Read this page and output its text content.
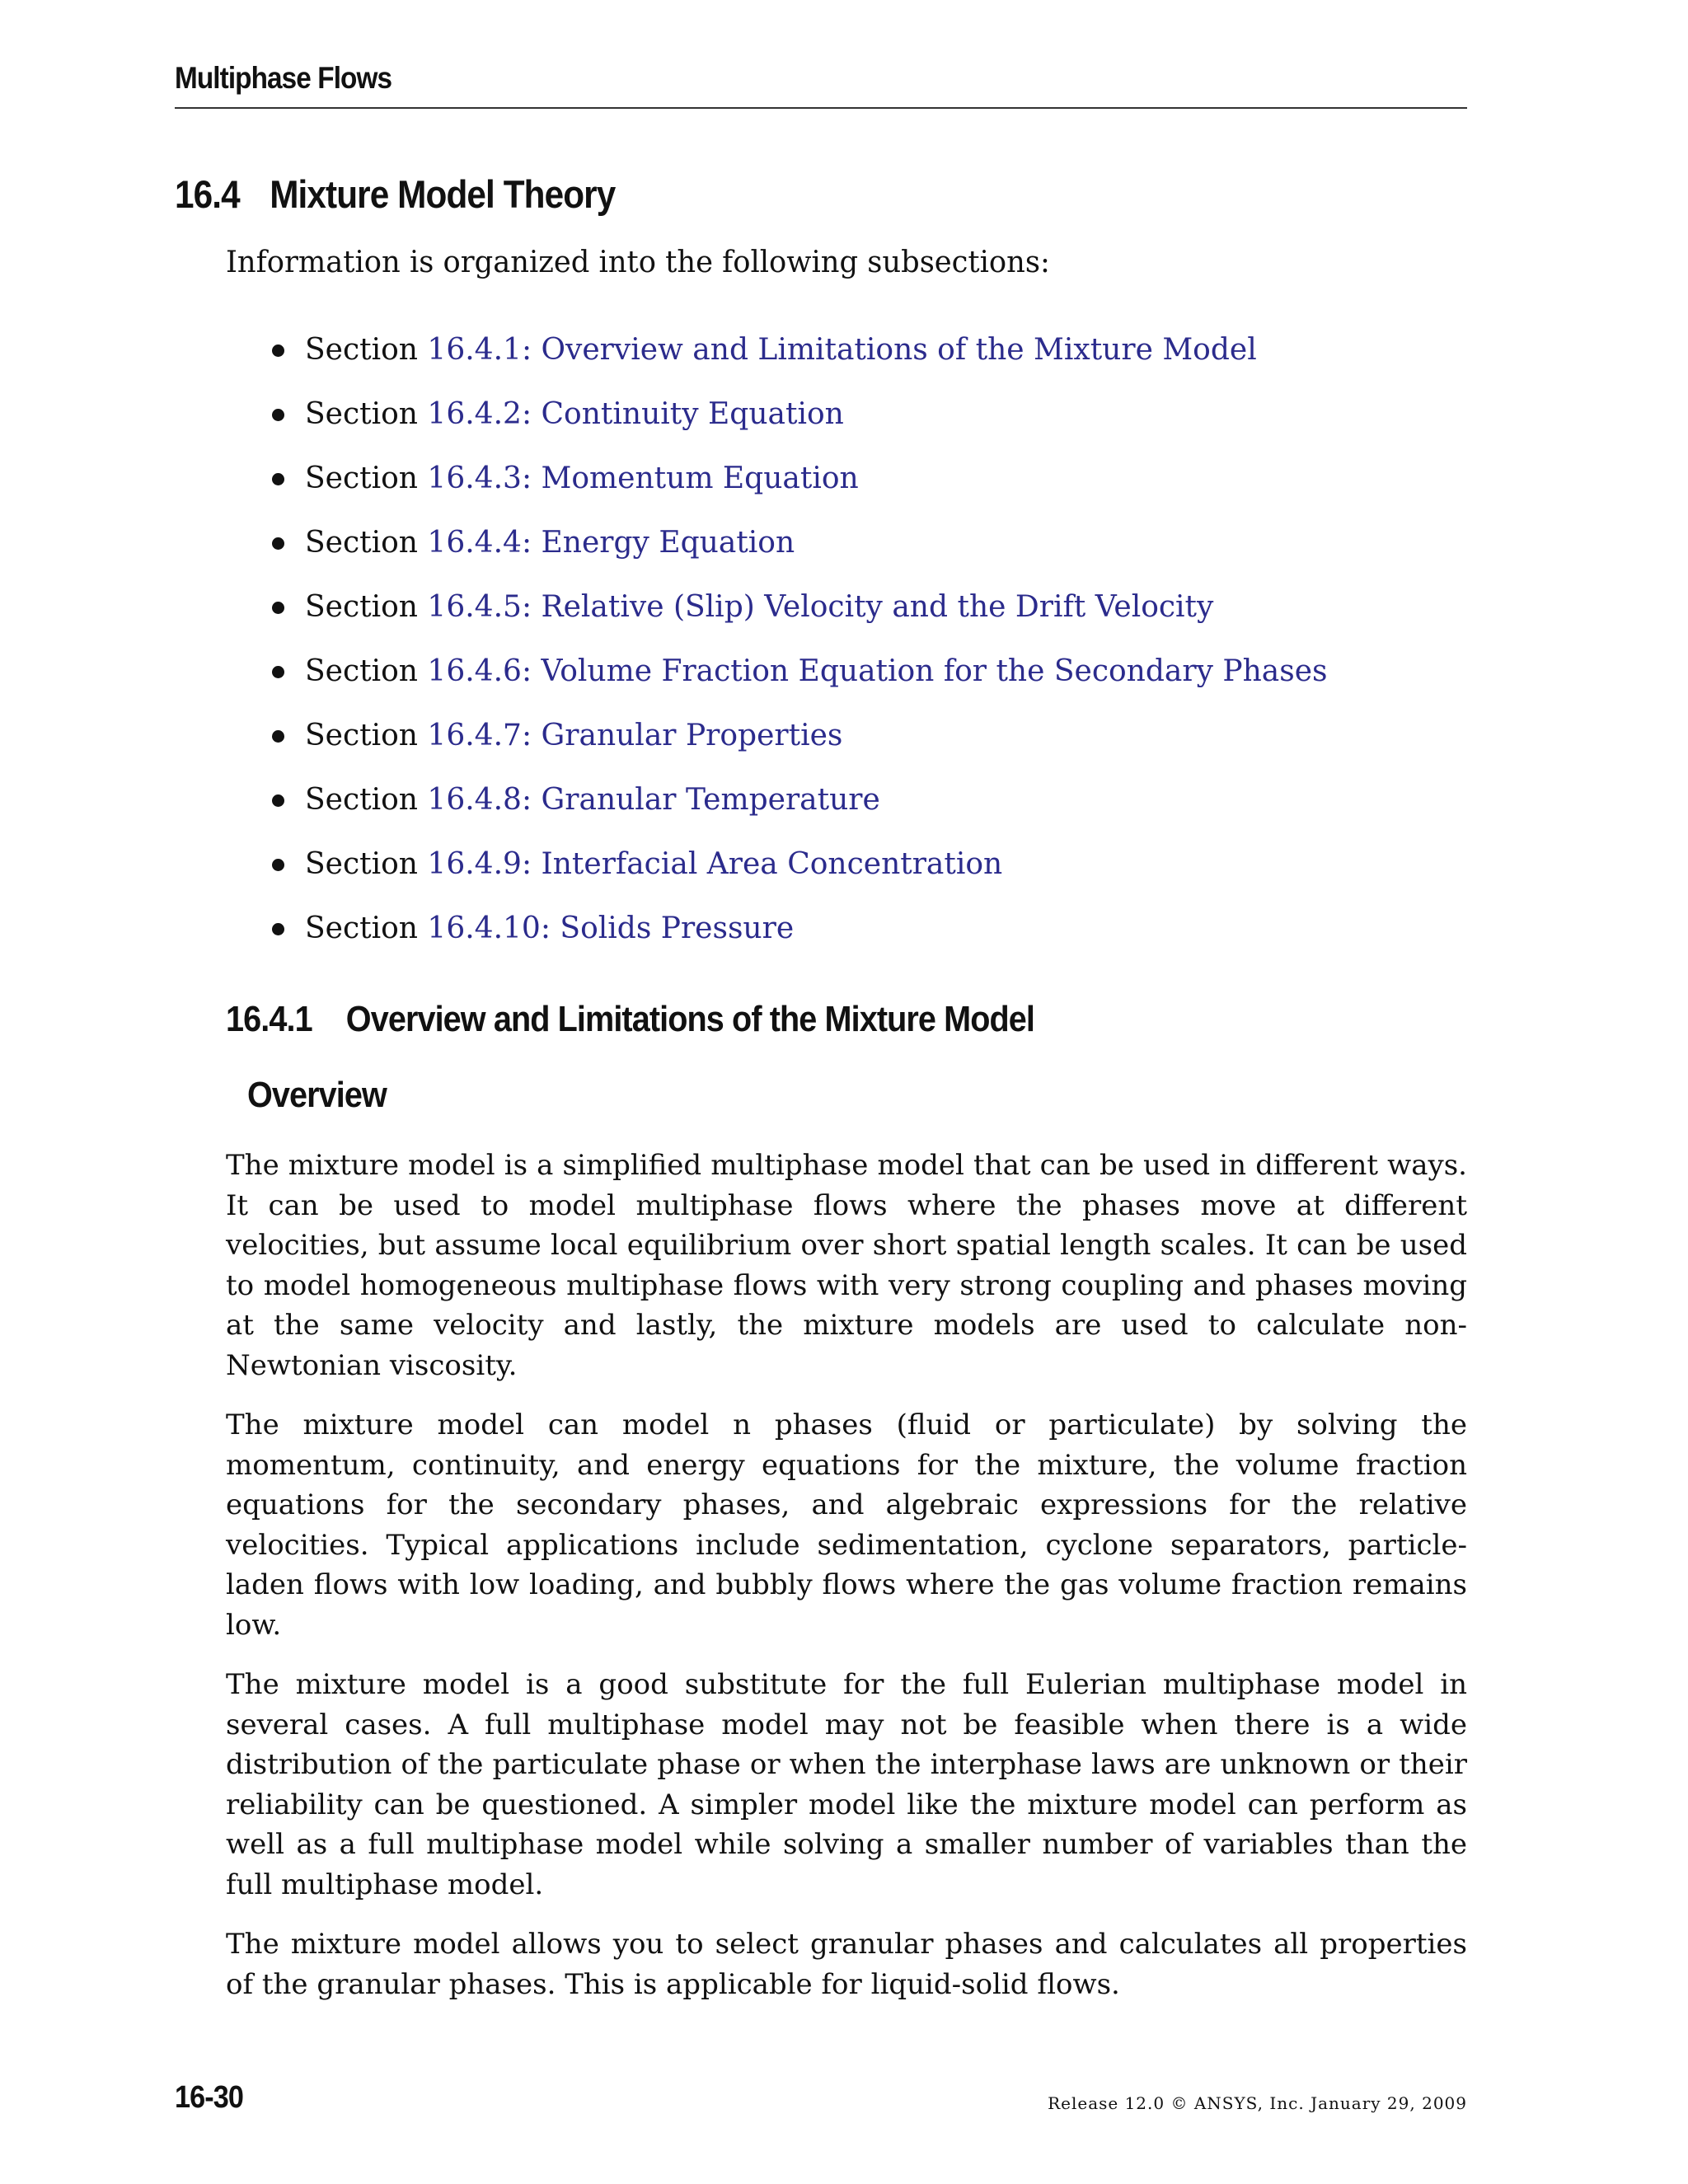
Multiphase Flows
16.4 Mixture Model Theory
Information is organized into the following subsections:
Section 16.4.1: Overview and Limitations of the Mixture Model
Section 16.4.2: Continuity Equation
Section 16.4.3: Momentum Equation
Section 16.4.4: Energy Equation
Section 16.4.5: Relative (Slip) Velocity and the Drift Velocity
Section 16.4.6: Volume Fraction Equation for the Secondary Phases
Section 16.4.7: Granular Properties
Section 16.4.8: Granular Temperature
Section 16.4.9: Interfacial Area Concentration
Section 16.4.10: Solids Pressure
16.4.1 Overview and Limitations of the Mixture Model
Overview

The mixture model is a simplified multiphase model that can be used in different ways. It can be used to model multiphase flows where the phases move at different velocities, but assume local equilibrium over short spatial length scales. It can be used to model homogeneous multiphase flows with very strong coupling and phases moving at the same velocity and lastly, the mixture models are used to calculate non-Newtonian viscosity.

The mixture model can model n phases (fluid or particulate) by solving the momentum, continuity, and energy equations for the mixture, the volume fraction equations for the secondary phases, and algebraic expressions for the relative velocities. Typical applications include sedimentation, cyclone separators, particle-laden flows with low loading, and bubbly flows where the gas volume fraction remains low.

The mixture model is a good substitute for the full Eulerian multiphase model in several cases. A full multiphase model may not be feasible when there is a wide distribution of the particulate phase or when the interphase laws are unknown or their reliability can be questioned. A simpler model like the mixture model can perform as well as a full multiphase model while solving a smaller number of variables than the full multiphase model.

The mixture model allows you to select granular phases and calculates all properties of the granular phases. This is applicable for liquid-solid flows.

16-30	Release 12.0 © ANSYS, Inc. January 29, 2009
